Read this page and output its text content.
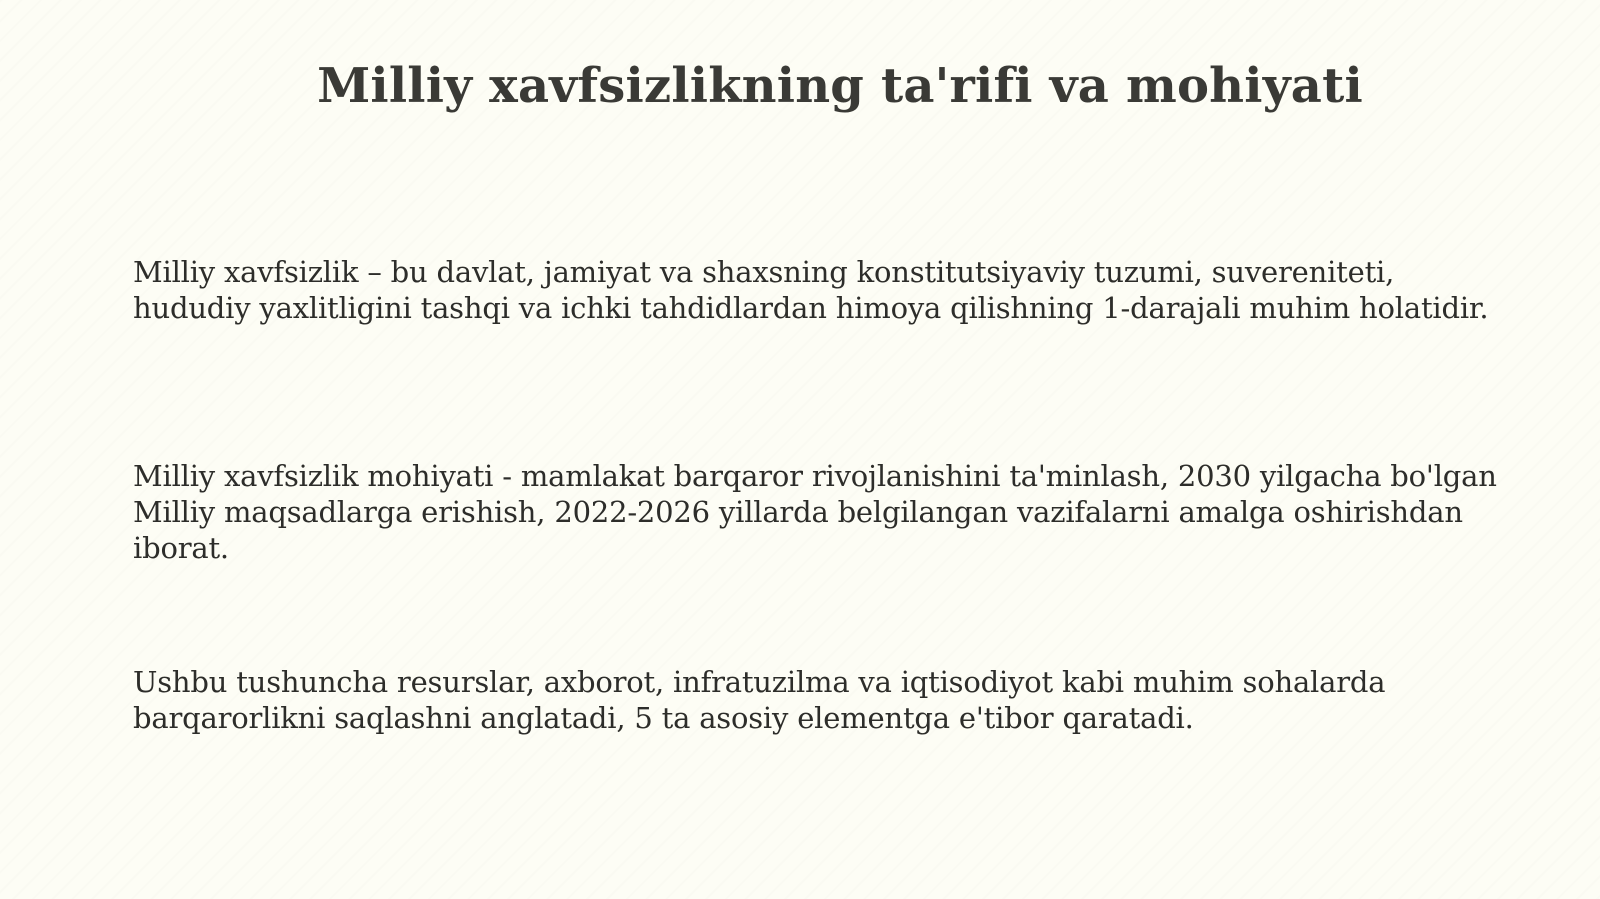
Milliy xavfsizlikning ta'rifi va mohiyati

Milliy xavfsizlik – bu davlat, jamiyat va shaxsning konstitutsiyaviy tuzumi, suvereniteti, hududiy yaxlitligini tashqi va ichki tahdidlardan himoya qilishning 1-darajali muhim holatidir.

Milliy xavfsizlik mohiyati - mamlakat barqaror rivojlanishini ta'minlash, 2030 yilgacha bo'lgan Milliy maqsadlarga erishish, 2022-2026 yillarda belgilangan vazifalarni amalga oshirishdan iborat.

Ushbu tushuncha resurslar, axborot, infratuzilma va iqtisodiyot kabi muhim sohalarda barqarorlikni saqlashni anglatadi, 5 ta asosiy elementga e'tibor qaratadi.
